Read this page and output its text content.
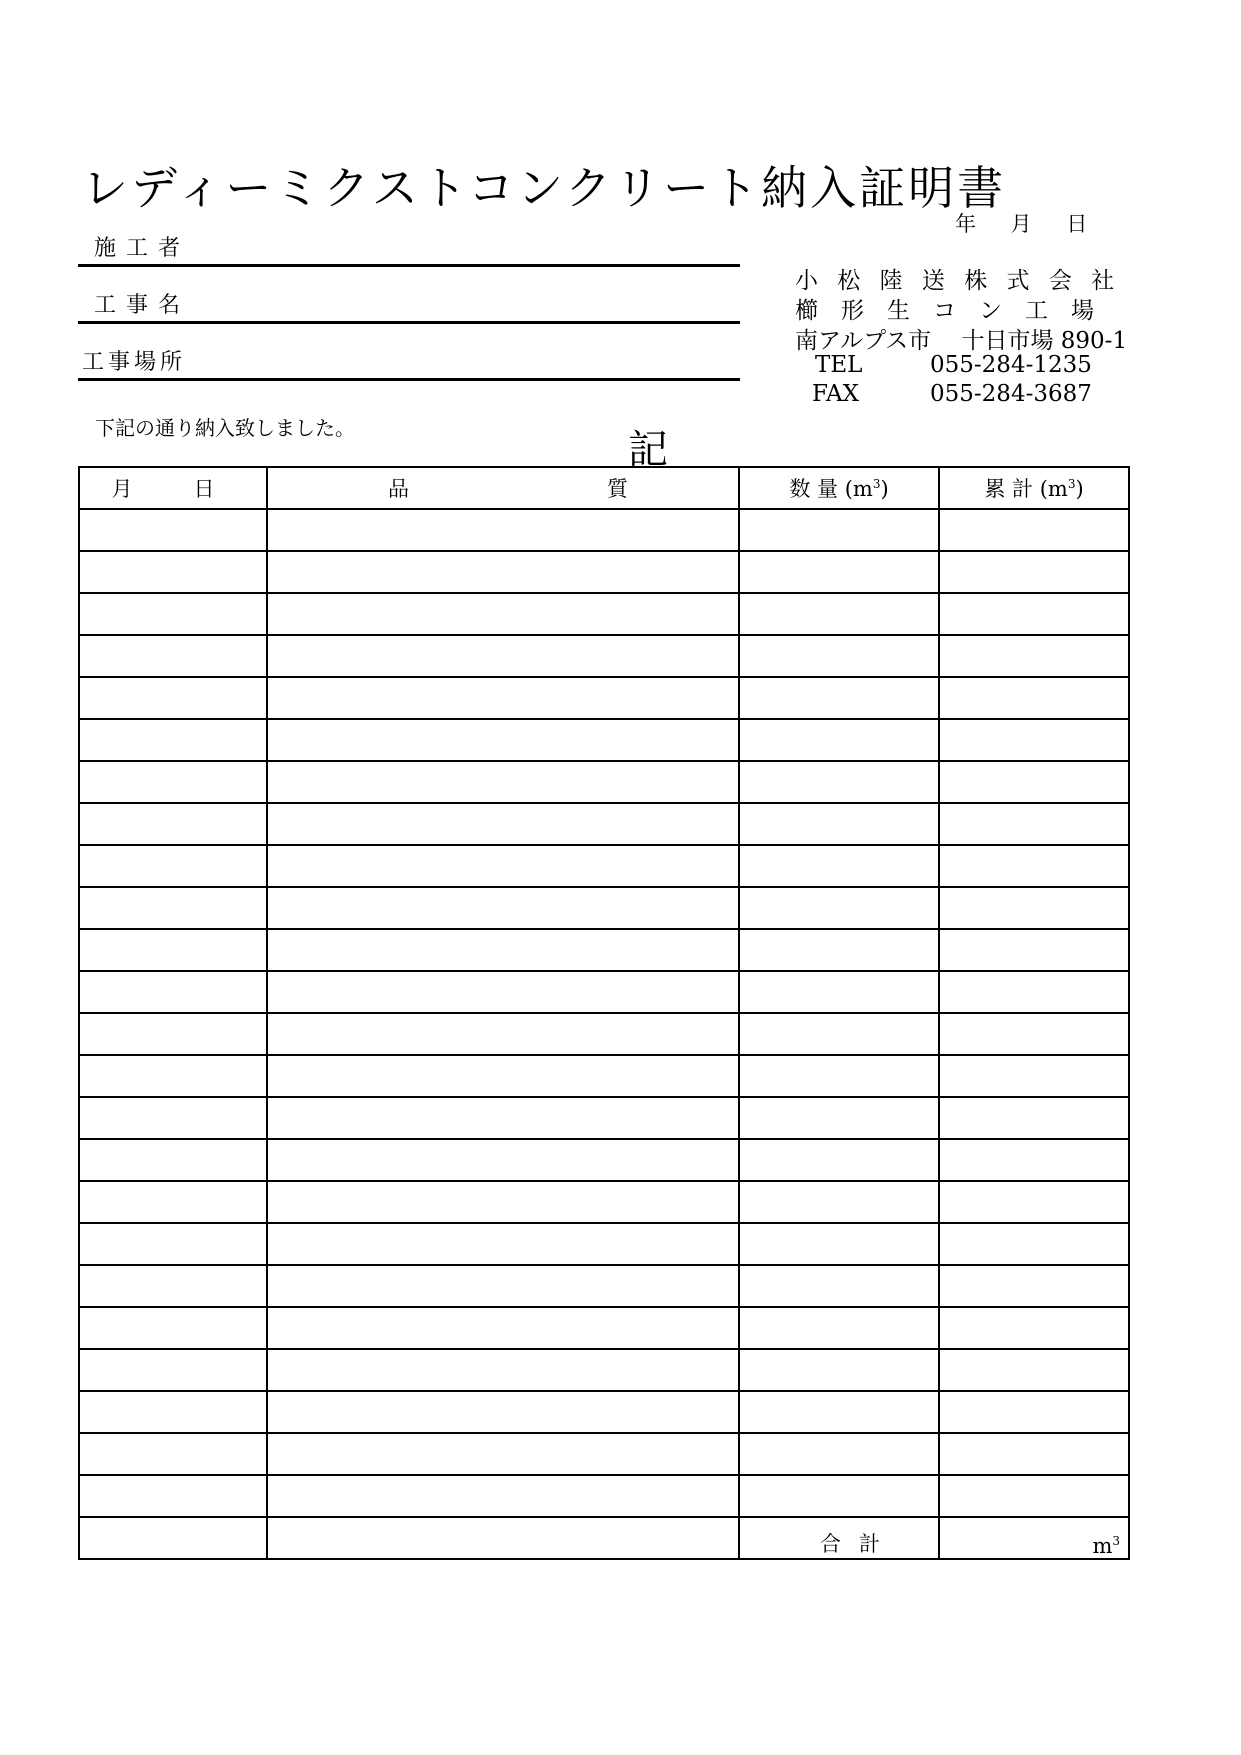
レディーミクストコンクリート納入証明書
年 月 日
施工者
工事名
工事場所
小 松 陸 送 株 式 会 社
櫛　形　生　コ　ン　工　場
南アルプス市　 十日市場 890-1
TEL	055-284-1235
FAX	055-284-3687
下記の通り納入致しました。	記
月　日	品 質	数 量 $(m^3)$	累 計 $(m^3)$

		合計	$m^3$
